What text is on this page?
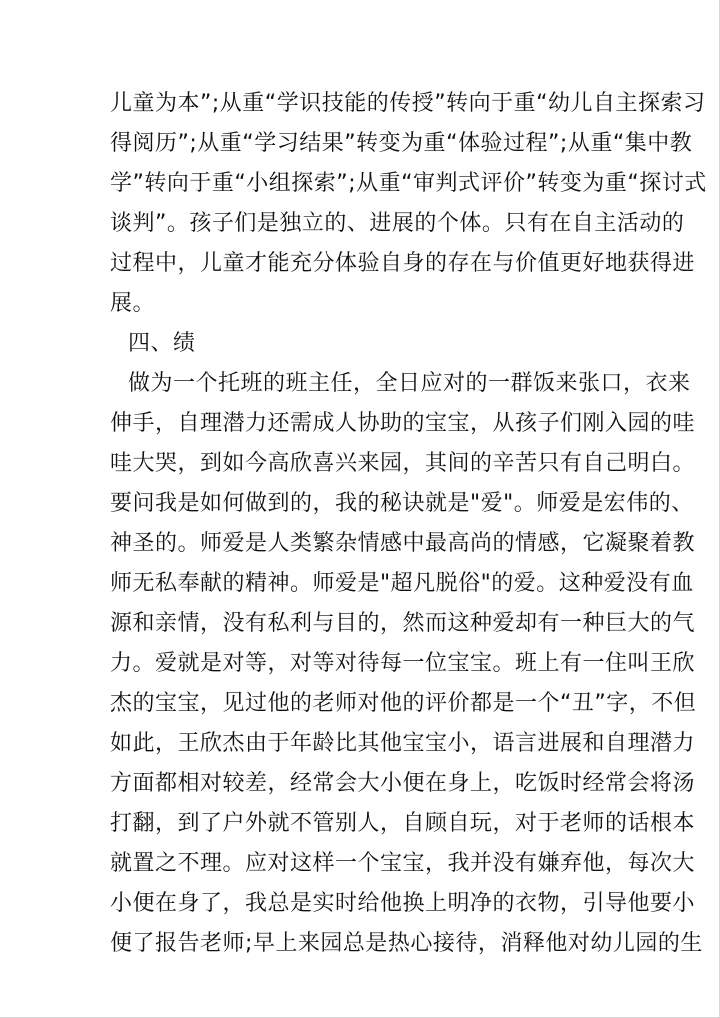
儿童为本”;从重“学识技能的传授”转向于重“幼儿自主探索习
得阅历”;从重“学习结果”转变为重“体验过程”;从重“集中教
学”转向于重“小组探索”;从重“审判式评价”转变为重“探讨式
谈判”。孩子们是独立的、进展的个体。只有在自主活动的
过程中，儿童才能充分体验自身的存在与价值更好地获得进
展。
四、绩
做为一个托班的班主任，全日应对的一群饭来张口，衣来
伸手，自理潜力还需成人协助的宝宝，从孩子们刚入园的哇
哇大哭，到如今高欣喜兴来园，其间的辛苦只有自己明白。
要问我是如何做到的，我的秘诀就是"爱"。师爱是宏伟的、
神圣的。师爱是人类繁杂情感中最高尚的情感，它凝聚着教
师无私奉献的精神。师爱是"超凡脱俗"的爱。这种爱没有血
源和亲情，没有私利与目的，然而这种爱却有一种巨大的气
力。爱就是对等，对等对待每一位宝宝。班上有一住叫王欣
杰的宝宝，见过他的老师对他的评价都是一个“丑”字，不但
如此，王欣杰由于年龄比其他宝宝小，语言进展和自理潜力
方面都相对较差，经常会大小便在身上，吃饭时经常会将汤
打翻，到了户外就不管别人，自顾自玩，对于老师的话根本
就置之不理。应对这样一个宝宝，我并没有嫌弃他，每次大
小便在身了，我总是实时给他换上明净的衣物，引导他要小
便了报告老师;早上来园总是热心接待，消释他对幼儿园的生
